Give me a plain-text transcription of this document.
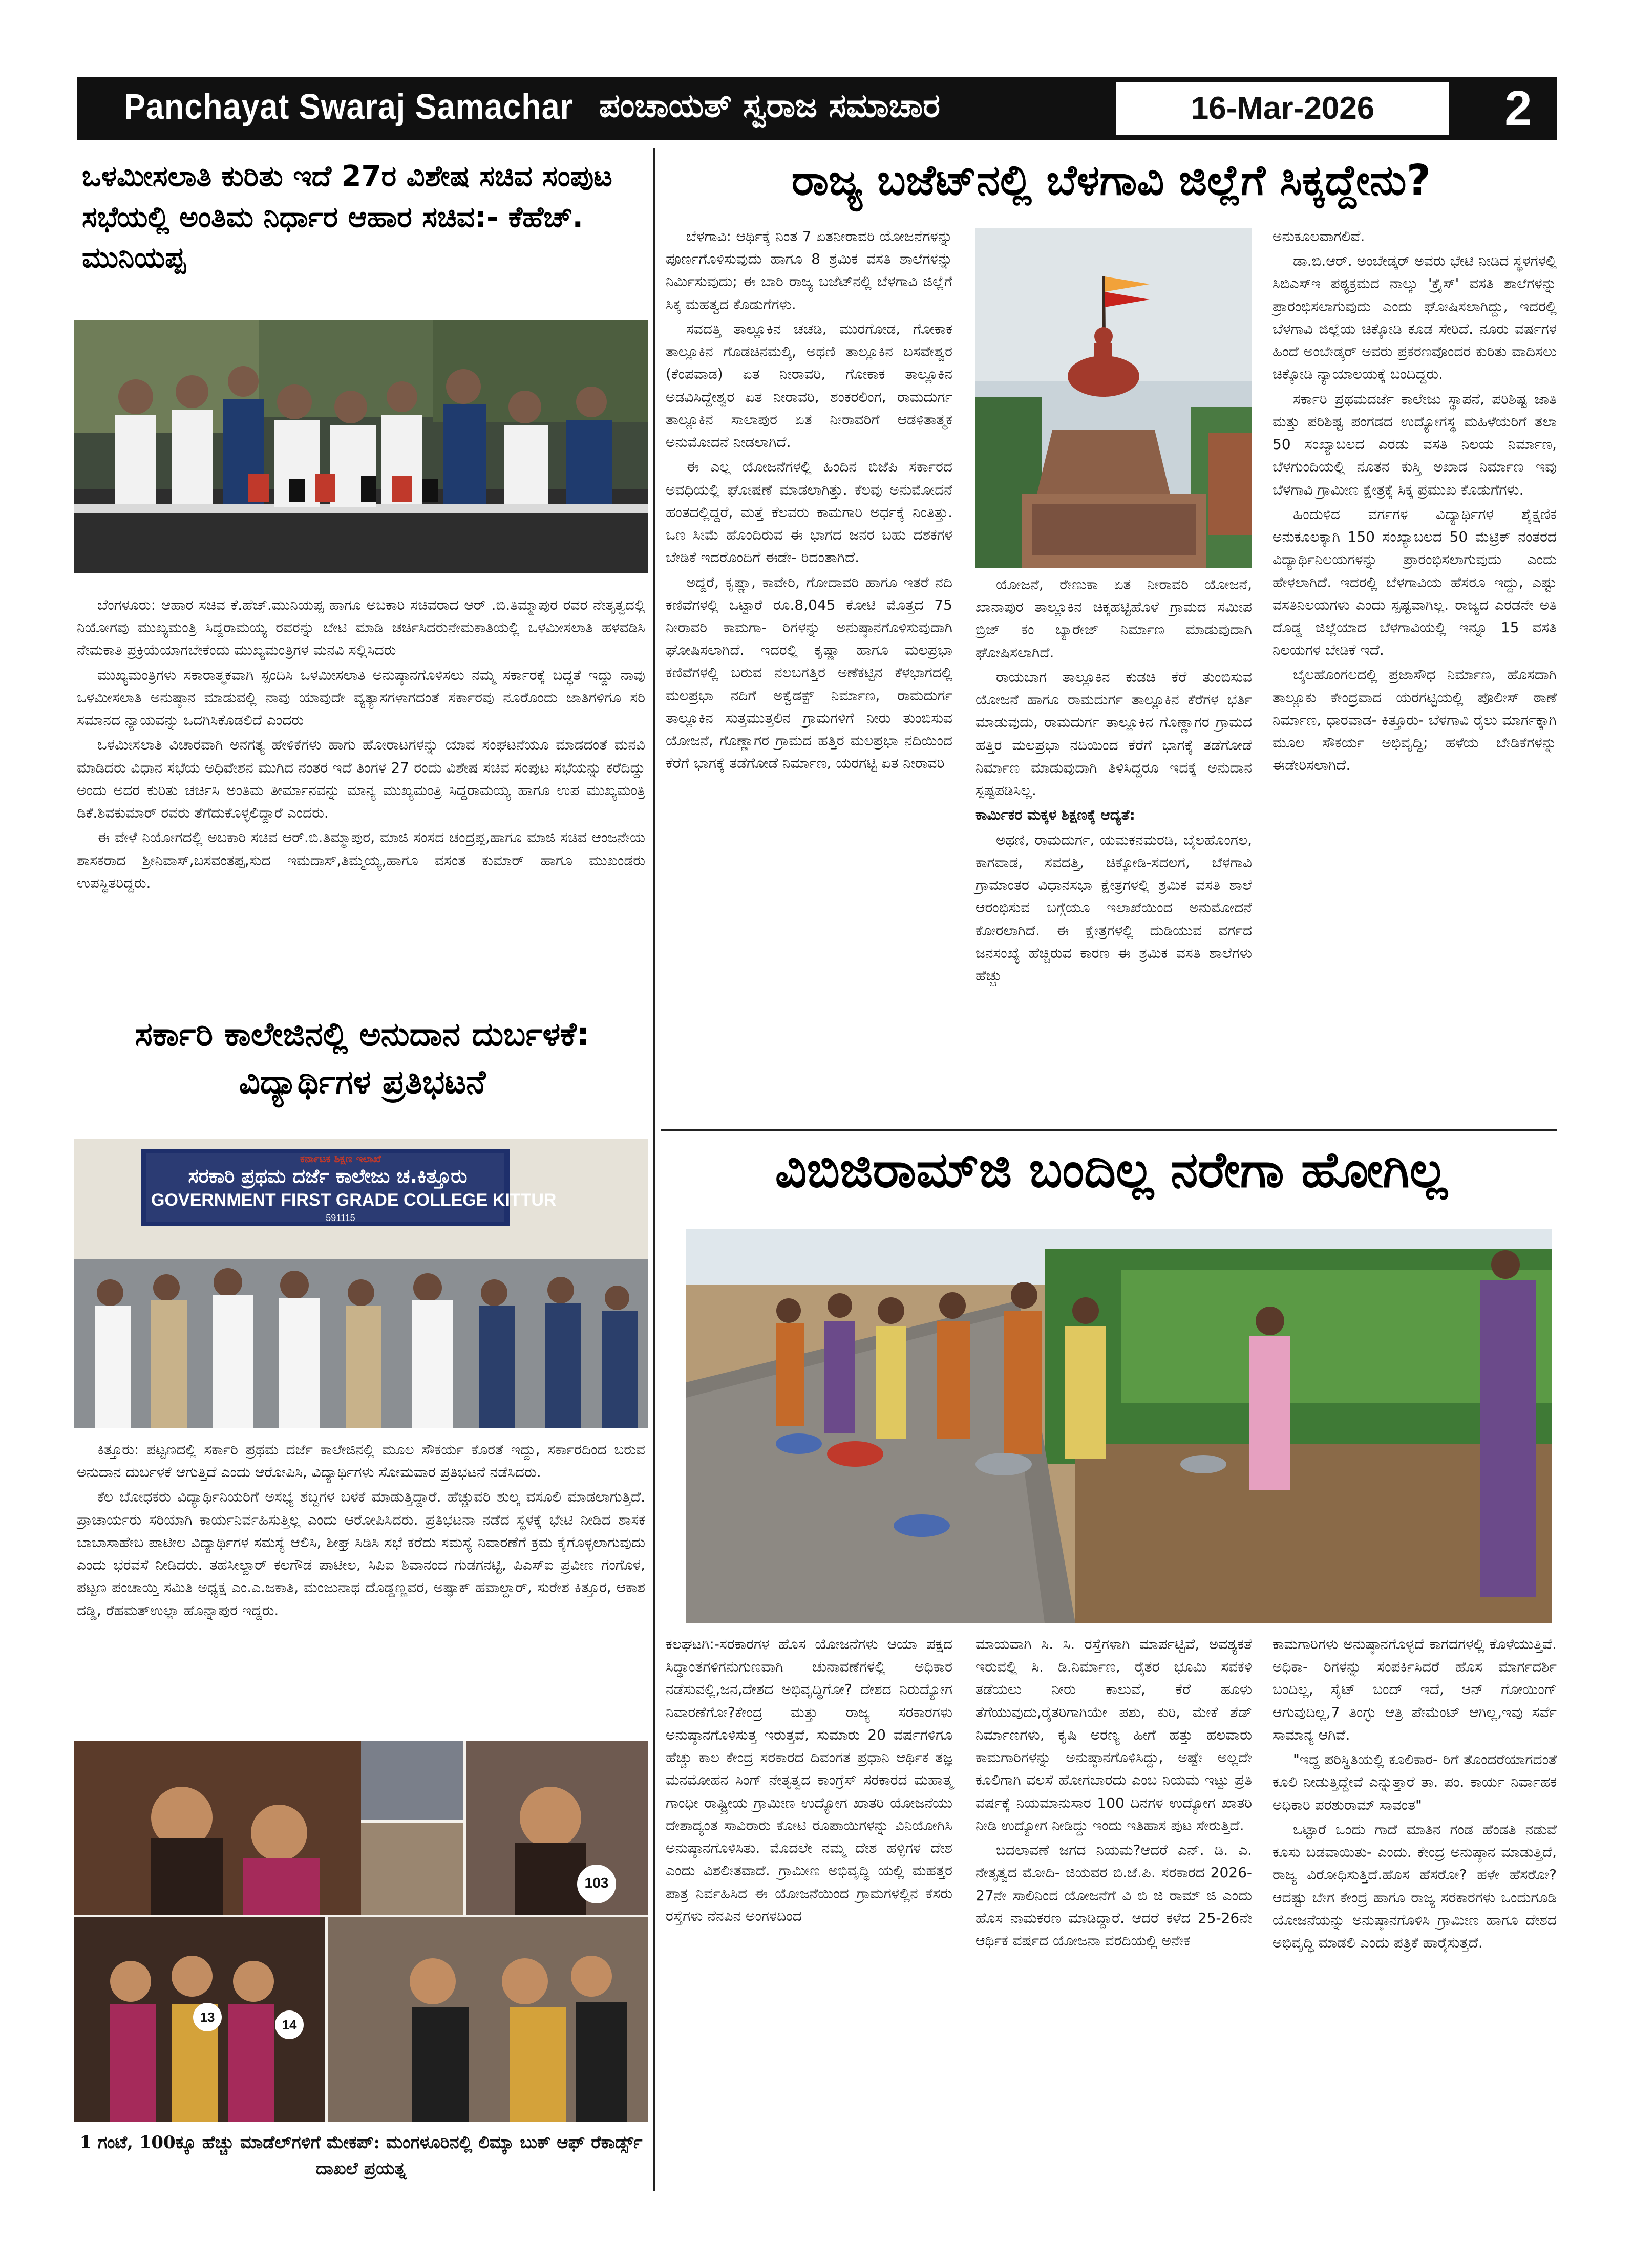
Panchayat Swaraj Samachar ಪಂಚಾಯತ್ ಸ್ವರಾಜ ಸಮಾಚಾರ	16-Mar-2026	2
ಒಳಮೀಸಲಾತಿ ಕುರಿತು ಇದೆ 27ರ ವಿಶೇಷ ಸಚಿವ ಸಂಪುಟ ಸಭೆಯಲ್ಲಿ ಅಂತಿಮ ನಿರ್ಧಾರ ಆಹಾರ ಸಚಿವ:- ಕೆಹೆಚ್. ಮುನಿಯಪ್ಪ

ಬೆಂಗಳೂರು: ಆಹಾರ ಸಚಿವ ಕೆ.ಹೆಚ್.ಮುನಿಯಪ್ಪ ಹಾಗೂ ಅಬಕಾರಿ ಸಚಿವರಾದ ಆರ್ .ಬಿ.ತಿಮ್ಮಾಪುರ ರವರ ನೇತೃತ್ವದಲ್ಲಿ ನಿಯೋಗವು ಮುಖ್ಯಮಂತ್ರಿ ಸಿದ್ದರಾಮಯ್ಯ ರವರನ್ನು ಬೇಟಿ ಮಾಡಿ ಚರ್ಚಿಸಿದರುನೇಮಕಾತಿಯಲ್ಲಿ ಒಳಮೀಸಲಾತಿ ಹಳವಡಿಸಿ ನೇಮಕಾತಿ ಪ್ರಕ್ರಿಯೆಯಾಗಬೇಕೆಂದು ಮುಖ್ಯಮಂತ್ರಿಗಳ ಮನವಿ ಸಲ್ಲಿಸಿದರು

ಮುಖ್ಯಮಂತ್ರಿಗಳು ಸಕಾರಾತ್ಮಕವಾಗಿ ಸ್ಪಂದಿಸಿ ಒಳಮೀಸಲಾತಿ ಅನುಷ್ಠಾನಗೊಳಿಸಲು ನಮ್ಮ ಸರ್ಕಾರಕ್ಕೆ ಬದ್ಧತೆ ಇದ್ದು ನಾವು ಒಳಮೀಸಲಾತಿ ಅನುಷ್ಠಾನ ಮಾಡುವಲ್ಲಿ ನಾವು ಯಾವುದೇ ವ್ಯತ್ಯಾಸಗಳಾಗದಂತೆ ಸರ್ಕಾರವು ನೂರೊಂದು ಜಾತಿಗಳಿಗೂ ಸರಿ ಸಮಾನದ ನ್ಯಾಯವನ್ನು ಒದಗಿಸಿಕೊಡಲಿದೆ ಎಂದರು

ಒಳಮೀಸಲಾತಿ ವಿಚಾರವಾಗಿ ಅನಗತ್ಯ ಹೇಳಿಕೆಗಳು ಹಾಗು ಹೋರಾಟಗಳನ್ನು ಯಾವ ಸಂಘಟನೆಯೂ ಮಾಡದಂತೆ ಮನವಿ ಮಾಡಿದರು ವಿಧಾನ ಸಭೆಯ ಅಧಿವೇಶನ ಮುಗಿದ ನಂತರ ಇದೆ ತಿಂಗಳ 27 ರಂದು ವಿಶೇಷ ಸಚಿವ ಸಂಪುಟ ಸಭೆಯನ್ನು ಕರೆದಿದ್ದು ಅಂದು ಅದರ ಕುರಿತು ಚರ್ಚಿಸಿ ಅಂತಿಮ ತೀರ್ಮಾನವನ್ನು ಮಾನ್ಯ ಮುಖ್ಯಮಂತ್ರಿ ಸಿದ್ದರಾಮಯ್ಯ ಹಾಗೂ ಉಪ ಮುಖ್ಯಮಂತ್ರಿ ಡಿಕೆ.ಶಿವಕುಮಾರ್ ರವರು ತೆಗೆದುಕೊಳ್ಳಲಿದ್ದಾರೆ ಎಂದರು.

ಈ ವೇಳೆ ನಿಯೋಗದಲ್ಲಿ ಅಬಕಾರಿ ಸಚಿವ ಆರ್.ಬಿ.ತಿಮ್ಮಾಪುರ, ಮಾಜಿ ಸಂಸದ ಚಂದ್ರಪ್ಪ,ಹಾಗೂ ಮಾಜಿ ಸಚಿವ ಆಂಜನೇಯ ಶಾಸಕರಾದ ಶ್ರೀನಿವಾಸ್,ಬಸವಂತಪ್ಪ,ಸುದ ಇಮದಾಸ್,ತಿಮ್ಮಯ್ಯ,ಹಾಗೂ ವಸಂತ ಕುಮಾರ್ ಹಾಗೂ ಮುಖಂಡರು ಉಪಸ್ಥಿತರಿದ್ದರು.

ಸರ್ಕಾರಿ ಕಾಲೇಜಿನಲ್ಲಿ ಅನುದಾನ ದುರ್ಬಳಕೆ: ವಿದ್ಯಾರ್ಥಿಗಳ ಪ್ರತಿಭಟನೆ
ಕರ್ನಾಟಕ ಶಿಕ್ಷಣ ಇಲಾಖೆ
ಸರಕಾರಿ ಪ್ರಥಮ ದರ್ಜೆ ಕಾಲೇಜು ಚ.ಕಿತ್ತೂರು
GOVERNMENT FIRST GRADE COLLEGE KITTUR
591115

ಕಿತ್ತೂರು: ಪಟ್ಟಣದಲ್ಲಿ ಸರ್ಕಾರಿ ಪ್ರಥಮ ದರ್ಜೆ ಕಾಲೇಜಿನಲ್ಲಿ ಮೂಲ ಸೌಕರ್ಯ ಕೊರತೆ ಇದ್ದು, ಸರ್ಕಾರದಿಂದ ಬರುವ ಅನುದಾನ ದುರ್ಬಳಕೆ ಆಗುತ್ತಿದೆ ಎಂದು ಆರೋಪಿಸಿ, ವಿದ್ಯಾರ್ಥಿಗಳು ಸೋಮವಾರ ಪ್ರತಿಭಟನೆ ನಡೆಸಿದರು.

ಕೆಲ ಬೋಧಕರು ವಿದ್ಯಾರ್ಥಿನಿಯರಿಗೆ ಅಸಭ್ಯ ಶಬ್ದಗಳ ಬಳಕೆ ಮಾಡುತ್ತಿದ್ದಾರೆ. ಹೆಚ್ಚುವರಿ ಶುಲ್ಕ ವಸೂಲಿ ಮಾಡಲಾಗುತ್ತಿದೆ. ಪ್ರಾಚಾರ್ಯರು ಸರಿಯಾಗಿ ಕಾರ್ಯನಿರ್ವಹಿಸುತ್ತಿಲ್ಲ ಎಂದು ಆರೋಪಿಸಿದರು. ಪ್ರತಿಭಟನಾ ನಡೆದ ಸ್ಥಳಕ್ಕೆ ಭೇಟಿ ನೀಡಿದ ಶಾಸಕ ಬಾಬಾಸಾಹೇಬ ಪಾಟೀಲ ವಿದ್ಯಾರ್ಥಿಗಳ ಸಮಸ್ಯೆ ಆಲಿಸಿ, ಶೀಘ್ರ ಸಿಡಿಸಿ ಸಭೆ ಕರೆದು ಸಮಸ್ಯೆ ನಿವಾರಣೆಗೆ ಕ್ರಮ ಕೈಗೊಳ್ಳಲಾಗುವುದು ಎಂದು ಭರವಸೆ ನೀಡಿದರು. ತಹಸೀಲ್ದಾರ್ ಕಲಗೌಡ ಪಾಟೀಲ, ಸಿಪಿಐ ಶಿವಾನಂದ ಗುಡಗನಟ್ಟಿ, ಪಿಎಸ್ಐ ಪ್ರವೀಣ ಗಂಗೊಳ, ಪಟ್ಟಣ ಪಂಚಾಯ್ತಿ ಸಮಿತಿ ಅಧ್ಯಕ್ಷ ಎಂ.ಎ.ಜಕಾತಿ, ಮಂಜುನಾಥ ದೊಡ್ಡಣ್ಣವರ, ಅಷ್ಫಾಕ್ ಹವಾಲ್ದಾರ್, ಸುರೇಶ ಕಿತ್ತೂರ, ಆಕಾಶ ದಡ್ಡಿ, ರೆಹಮತ್‌ಉಲ್ಲಾ ಹೊನ್ನಾಪುರ ಇದ್ದರು.

103
13	14
1 ಗಂಟೆ, 100ಕ್ಕೂ ಹೆಚ್ಚು ಮಾಡೆಲ್‌ಗಳಿಗೆ ಮೇಕಪ್: ಮಂಗಳೂರಿನಲ್ಲಿ ಲಿಮ್ಕಾ ಬುಕ್ ಆಫ್ ರೆಕಾರ್ಡ್ಸ್ ದಾಖಲೆ ಪ್ರಯತ್ನ
ರಾಜ್ಯ ಬಜೆಟ್‌ನಲ್ಲಿ ಬೆಳಗಾವಿ ಜಿಲ್ಲೆಗೆ ಸಿಕ್ಕದ್ದೇನು?

ಬೆಳಗಾವಿ: ಆರ್ಥಿಕ್ಕೆ ನಿಂತ 7 ಏತನೀರಾವರಿ ಯೋಜನೆಗಳನ್ನು ಪೂರ್ಣಗೊಳಿಸುವುದು ಹಾಗೂ 8 ಶ್ರಮಿಕ ವಸತಿ ಶಾಲೆಗಳನ್ನು ನಿರ್ಮಿಸುವುದು; ಈ ಬಾರಿ ರಾಜ್ಯ ಬಜೆಟ್‌ನಲ್ಲಿ ಬೆಳಗಾವಿ ಜಿಲ್ಲೆಗೆ ಸಿಕ್ಕ ಮಹತ್ವದ ಕೊಡುಗೆಗಳು.

ಸವದತ್ತಿ ತಾಲ್ಲೂಕಿನ ಚಚಡಿ, ಮುರಗೋಡ, ಗೋಕಾಕ ತಾಲ್ಲೂಕಿನ ಗೊಡಚಿನಮಲ್ಕಿ, ಅಥಣಿ ತಾಲ್ಲೂಕಿನ ಬಸವೇಶ್ವರ (ಕೆಂಪವಾಡ) ಏತ ನೀರಾವರಿ, ಗೋಕಾಕ ತಾಲ್ಲೂಕಿನ ಅಡವಿಸಿದ್ದೇಶ್ವರ ಏತ ನೀರಾವರಿ, ಶಂಕರಲಿಂಗ, ರಾಮದುರ್ಗ ತಾಲ್ಲೂಕಿನ ಸಾಲಾಪುರ ಏತ ನೀರಾವರಿಗೆ ಆಡಳಿತಾತ್ಮಕ ಅನುಮೋದನೆ ನೀಡಲಾಗಿದೆ.

ಈ ಎಲ್ಲ ಯೋಜನೆಗಳಲ್ಲಿ ಹಿಂದಿನ ಬಿಜೆಪಿ ಸರ್ಕಾರದ ಅವಧಿಯಲ್ಲಿ ಘೋಷಣೆ ಮಾಡಲಾಗಿತ್ತು. ಕೆಲವು ಅನುಮೋದನೆ ಹಂತದಲ್ಲಿದ್ದರೆ, ಮತ್ತೆ ಕೆಲವರು ಕಾಮಗಾರಿ ಅರ್ಧಕ್ಕೆ ನಿಂತಿತ್ತು. ಒಣ ಸೀಮೆ ಹೊಂದಿರುವ ಈ ಭಾಗದ ಜನರ ಬಹು ದಶಕಗಳ ಬೇಡಿಕೆ ಇದರೊಂದಿಗೆ ಈಡೇ- ರಿದಂತಾಗಿದೆ.

ಅದ್ದರೆ, ಕೃಷ್ಣಾ, ಕಾವೇರಿ, ಗೋದಾವರಿ ಹಾಗೂ ಇತರೆ ನದಿ ಕಣಿವೆಗಳಲ್ಲಿ ಒಟ್ಟಾರೆ ರೂ.8,045 ಕೋಟಿ ಮೊತ್ತದ 75 ನೀರಾವರಿ ಕಾಮಗಾ- ರಿಗಳನ್ನು ಅನುಷ್ಠಾನಗೊಳಿಸುವುದಾಗಿ ಘೋಷಿಸಲಾಗಿದೆ. ಇದರಲ್ಲಿ ಕೃಷ್ಣಾ ಹಾಗೂ ಮಲಪ್ರಭಾ ಕಣಿವೆಗಳಲ್ಲಿ ಬರುವ ನಲಬಗತ್ತಿರ ಅಣೆಕಟ್ಟಿನ ಕೆಳಭಾಗದಲ್ಲಿ ಮಲಪ್ರಭಾ ನದಿಗೆ ಅಕ್ವೆಡಕ್ಟ್ ನಿರ್ಮಾಣ, ರಾಮದುರ್ಗ ತಾಲ್ಲೂಕಿನ ಸುತ್ತಮುತ್ತಲಿನ ಗ್ರಾಮಗಳಿಗೆ ನೀರು ತುಂಬಿಸುವ ಯೋಜನೆ, ಗೊಣ್ಣಾಗರ ಗ್ರಾಮದ ಹತ್ತಿರ ಮಲಪ್ರಭಾ ನದಿಯಿಂದ ಕೆರೆಗೆ ಭಾಗಕ್ಕೆ ತಡೆಗೋಡೆ ನಿರ್ಮಾಣ, ಯರಗಟ್ಟಿ ಏತ ನೀರಾವರಿ

ಯೋಜನೆ, ರೇಣುಕಾ ಏತ ನೀರಾವರಿ ಯೋಜನೆ, ಖಾನಾಪುರ ತಾಲ್ಲೂಕಿನ ಚಿಕ್ಕಹಟ್ಟಿಹೊಳೆ ಗ್ರಾಮದ ಸಮೀಪ ಬ್ರಿಜ್ ಕಂ ಬ್ಯಾರೇಜ್ ನಿರ್ಮಾಣ ಮಾಡುವುದಾಗಿ ಘೋಷಿಸಲಾಗಿದೆ.

ರಾಯಬಾಗ ತಾಲ್ಲೂಕಿನ ಕುಡಚಿ ಕೆರೆ ತುಂಬಿಸುವ ಯೋಜನೆ ಹಾಗೂ ರಾಮದುರ್ಗ ತಾಲ್ಲೂಕಿನ ಕೆರೆಗಳ ಭರ್ತಿ ಮಾಡುವುದು, ರಾಮದುರ್ಗ ತಾಲ್ಲೂಕಿನ ಗೊಣ್ಣಾಗರ ಗ್ರಾಮದ ಹತ್ತಿರ ಮಲಪ್ರಭಾ ನದಿಯಿಂದ ಕೆರೆಗೆ ಭಾಗಕ್ಕೆ ತಡೆಗೋಡೆ ನಿರ್ಮಾಣ ಮಾಡುವುದಾಗಿ ತಿಳಿಸಿದ್ದರೂ ಇದಕ್ಕೆ ಅನುದಾನ ಸ್ಪಷ್ಟಪಡಿಸಿಲ್ಲ.

ಕಾರ್ಮಿಕರ ಮಕ್ಕಳ ಶಿಕ್ಷಣಕ್ಕೆ ಆದ್ಯತೆ:

ಅಥಣಿ, ರಾಮದುರ್ಗ, ಯಮಕನಮರಡಿ, ಬೈಲಹೊಂಗಲ, ಕಾಗವಾಡ, ಸವದತ್ತಿ, ಚಿಕ್ಕೋಡಿ-ಸದಲಗ, ಬೆಳಗಾವಿ ಗ್ರಾಮಾಂತರ ವಿಧಾನಸಭಾ ಕ್ಷೇತ್ರಗಳಲ್ಲಿ ಶ್ರಮಿಕ ವಸತಿ ಶಾಲೆ ಆರಂಭಿಸುವ ಬಗ್ಗೆಯೂ ಇಲಾಖೆಯಿಂದ ಅನುಮೋದನೆ ಕೋರಲಾಗಿದೆ. ಈ ಕ್ಷೇತ್ರಗಳಲ್ಲಿ ದುಡಿಯುವ ವರ್ಗದ ಜನಸಂಖ್ಯೆ ಹೆಚ್ಚಿರುವ ಕಾರಣ ಈ ಶ್ರಮಿಕ ವಸತಿ ಶಾಲೆಗಳು ಹೆಚ್ಚು

ಅನುಕೂಲವಾಗಲಿವೆ.

ಡಾ.ಬಿ.ಆರ್. ಅಂಬೇಡ್ಕರ್ ಅವರು ಭೇಟಿ ನೀಡಿದ ಸ್ಥಳಗಳಲ್ಲಿ ಸಿಬಿಎಸ್‌ಇ ಪಠ್ಯಕ್ರಮದ ನಾಲ್ಕು 'ಕ್ರೈಸ್' ವಸತಿ ಶಾಲೆಗಳನ್ನು ಪ್ರಾರಂಭಿಸಲಾಗುವುದು ಎಂದು ಘೋಷಿಸಲಾಗಿದ್ದು, ಇದರಲ್ಲಿ ಬೆಳಗಾವಿ ಜಿಲ್ಲೆಯ ಚಿಕ್ಕೋಡಿ ಕೂಡ ಸೇರಿದೆ. ನೂರು ವರ್ಷಗಳ ಹಿಂದೆ ಅಂಬೇಡ್ಕರ್ ಅವರು ಪ್ರಕರಣವೊಂದರ ಕುರಿತು ವಾದಿಸಲು ಚಿಕ್ಕೋಡಿ ನ್ಯಾಯಾಲಯಕ್ಕೆ ಬಂದಿದ್ದರು.

ಸರ್ಕಾರಿ ಪ್ರಥಮದರ್ಜೆ ಕಾಲೇಜು ಸ್ಥಾಪನೆ, ಪರಿಶಿಷ್ಟ ಜಾತಿ ಮತ್ತು ಪರಿಶಿಷ್ಟ ಪಂಗಡದ ಉದ್ಯೋಗಸ್ಥ ಮಹಿಳೆಯರಿಗೆ ತಲಾ 50 ಸಂಖ್ಯಾಬಲದ ಎರಡು ವಸತಿ ನಿಲಯ ನಿರ್ಮಾಣ, ಬೆಳಗುಂದಿಯಲ್ಲಿ ನೂತನ ಕುಸ್ತಿ ಅಖಾಡ ನಿರ್ಮಾಣ ಇವು ಬೆಳಗಾವಿ ಗ್ರಾಮೀಣ ಕ್ಷೇತ್ರಕ್ಕೆ ಸಿಕ್ಕ ಪ್ರಮುಖ ಕೊಡುಗೆಗಳು.

ಹಿಂದುಳಿದ ವರ್ಗಗಳ ವಿದ್ಯಾರ್ಥಿಗಳ ಶೈಕ್ಷಣಿಕ ಅನುಕೂಲಕ್ಕಾಗಿ 150 ಸಂಖ್ಯಾಬಲದ 50 ಮೆಟ್ರಿಕ್ ನಂತರದ ವಿದ್ಯಾರ್ಥಿನಿಲಯಗಳನ್ನು ಪ್ರಾರಂಭಿಸಲಾಗುವುದು ಎಂದು ಹೇಳಲಾಗಿದೆ. ಇದರಲ್ಲಿ ಬೆಳಗಾವಿಯ ಹೆಸರೂ ಇದ್ದು, ಎಷ್ಟು ವಸತಿನಿಲಯಗಳು ಎಂದು ಸ್ಪಷ್ಟವಾಗಿಲ್ಲ. ರಾಜ್ಯದ ಎರಡನೇ ಅತಿ ದೊಡ್ಡ ಜಿಲ್ಲೆಯಾದ ಬೆಳಗಾವಿಯಲ್ಲಿ ಇನ್ನೂ 15 ವಸತಿ ನಿಲಯಗಳ ಬೇಡಿಕೆ ಇದೆ.

ಬೈಲಹೊಂಗಲದಲ್ಲಿ ಪ್ರಜಾಸೌಧ ನಿರ್ಮಾಣ, ಹೊಸದಾಗಿ ತಾಲ್ಲೂಕು ಕೇಂದ್ರವಾದ ಯರಗಟ್ಟಿಯಲ್ಲಿ ಪೊಲೀಸ್ ಠಾಣೆ ನಿರ್ಮಾಣ, ಧಾರವಾಡ- ಕಿತ್ತೂರು- ಬೆಳಗಾವಿ ರೈಲು ಮಾರ್ಗಕ್ಕಾಗಿ ಮೂಲ ಸೌಕರ್ಯ ಅಭಿವೃದ್ಧಿ; ಹಳೆಯ ಬೇಡಿಕೆಗಳನ್ನು ಈಡೇರಿಸಲಾಗಿದೆ.

ವಿಬಿಜಿರಾಮ್‌ಜಿ ಬಂದಿಲ್ಲ ನರೇಗಾ ಹೋಗಿಲ್ಲ

ಕಲಘಟಗಿ:-ಸರಕಾರಗಳ ಹೊಸ ಯೋಜನೆಗಳು ಆಯಾ ಪಕ್ಷದ ಸಿದ್ಧಾಂತಗಳಿಗನುಗುಣವಾಗಿ ಚುನಾವಣೆಗಳಲ್ಲಿ ಅಧಿಕಾರ ನಡೆಸುವಲ್ಲಿ,ಜನ,ದೇಶದ ಅಭಿವೃದ್ಧಿಗೋ? ದೇಶದ ನಿರುದ್ಯೋಗ ನಿವಾರಣೆಗೋ?ಕೇಂದ್ರ ಮತ್ತು ರಾಜ್ಯ ಸರಕಾರಗಳು ಅನುಷ್ಠಾನಗೊಳಿಸುತ್ತ ಇರುತ್ತವೆ, ಸುಮಾರು 20 ವರ್ಷಗಳಿಗೂ ಹೆಚ್ಚು ಕಾಲ ಕೇಂದ್ರ ಸರಕಾರದ ದಿವಂಗತ ಪ್ರಧಾನಿ ಆರ್ಥಿಕ ತಜ್ಞ ಮನಮೋಹನ ಸಿಂಗ್ ನೇತೃತ್ವದ ಕಾಂಗ್ರೆಸ್ ಸರಕಾರದ ಮಹಾತ್ಮ ಗಾಂಧೀ ರಾಷ್ಟ್ರೀಯ ಗ್ರಾಮೀಣ ಉದ್ಯೋಗ ಖಾತರಿ ಯೋಜನೆಯು ದೇಶಾದ್ಯಂತ ಸಾವಿರಾರು ಕೋಟಿ ರೂಪಾಯಿಗಳನ್ನು ವಿನಿಯೋಗಿಸಿ ಅನುಷ್ಠಾನಗೊಳಿಸಿತು. ಮೊದಲೇ ನಮ್ಮ ದೇಶ ಹಳ್ಳಿಗಳ ದೇಶ ಎಂದು ವಿಶಲೀತವಾದೆ. ಗ್ರಾಮೀಣ ಅಭಿವೃದ್ಧಿ ಯಲ್ಲಿ ಮಹತ್ತರ ಪಾತ್ರ ನಿರ್ವಹಿಸಿದ ಈ ಯೋಜನೆಯಿಂದ ಗ್ರಾಮಗಳಲ್ಲಿನ ಕೆಸರು ರಸ್ತೆಗಳು ನೆನಪಿನ ಅಂಗಳದಿಂದ

ಮಾಯವಾಗಿ ಸಿ. ಸಿ. ರಸ್ತೆಗಳಾಗಿ ಮಾರ್ಪಟ್ಟಿವೆ, ಅವಶ್ಯಕತೆ ಇರುವಲ್ಲಿ ಸಿ. ಡಿ.ನಿರ್ಮಾಣ, ರೈತರ ಭೂಮಿ ಸವಕಳಿ ತಡೆಯಲು ನೀರು ಕಾಲುವೆ, ಕೆರೆ ಹೂಳು ತೆಗೆಯುವುದು,ರೈತರಿಗಾಗಿಯೇ ಪಶು, ಕುರಿ, ಮೇಕೆ ಶೆಡ್ ನಿರ್ಮಾಣಗಳು, ಕೃಷಿ ಅರಣ್ಯ ಹೀಗೆ ಹತ್ತು ಹಲವಾರು ಕಾಮಗಾರಿಗಳನ್ನು ಅನುಷ್ಠಾನಗೊಳಿಸಿದ್ದು, ಅಷ್ಟೇ ಅಲ್ಲದೇ ಕೂಲಿಗಾಗಿ ವಲಸೆ ಹೋಗಬಾರದು ಎಂಬ ನಿಯಮ ಇಟ್ಟು ಪ್ರತಿ ವರ್ಷಕ್ಕೆ ನಿಯಮಾನುಸಾರ 100 ದಿನಗಳ ಉದ್ಯೋಗ ಖಾತರಿ ನೀಡಿ ಉದ್ಯೋಗ ನೀಡಿದ್ದು ಇಂದು ಇತಿಹಾಸ ಪುಟ ಸೇರುತ್ತಿದೆ.

ಬದಲಾವಣೆ ಜಗದ ನಿಯಮ?ಆದರೆ ಎನ್. ಡಿ. ಎ. ನೇತೃತ್ವದ ಮೋದಿ- ಜಿಯವರ ಬಿ.ಜೆ.ಪಿ. ಸರಕಾರದ 2026-27ನೇ ಸಾಲಿನಿಂದ ಯೋಜನೆಗೆ ವಿ ಬಿ ಜಿ ರಾಮ್ ಜಿ ಎಂದು ಹೊಸ ನಾಮಕರಣ ಮಾಡಿದ್ದಾರೆ. ಆದರೆ ಕಳೆದ 25-26ನೇ ಆರ್ಥಿಕ ವರ್ಷದ ಯೋಜನಾ ವರದಿಯಲ್ಲಿ ಅನೇಕ

ಕಾಮಗಾರಿಗಳು ಅನುಷ್ಠಾನಗೊಳ್ಳದೆ ಕಾಗದಗಳಲ್ಲಿ ಕೊಳೆಯುತ್ತಿವೆ. ಅಧಿಕಾ- ರಿಗಳನ್ನು ಸಂಪರ್ಕಿಸಿದರೆ ಹೊಸ ಮಾರ್ಗದರ್ಶಿ ಬಂದಿಲ್ಲ, ಸೈಟ್ ಬಂದ್ ಇದೆ, ಆನ್ ಗೋಯಿಂಗ್ ಆಗುವುದಿಲ್ಲ,7 ತಿಂಗ್ಳು ಆತ್ರಿ ಪೇಮೆಂಟ್ ಆಗಿಲ್ಲ,ಇವು ಸರ್ವೆ ಸಾಮಾನ್ಯ ಆಗಿವೆ.

"ಇದ್ದ ಪರಿಸ್ಥಿತಿಯಲ್ಲಿ ಕೂಲಿಕಾರ- ರಿಗೆ ತೊಂದರೆಯಾಗದಂತೆ ಕೂಲಿ ನೀಡುತ್ತಿದ್ದೇವೆ ಎನ್ನುತ್ತಾರೆ ತಾ. ಪಂ. ಕಾರ್ಯ ನಿರ್ವಾಹಕ ಅಧಿಕಾರಿ ಪರಶುರಾಮ್ ಸಾವಂತ"

ಒಟ್ಟಾರೆ ಒಂದು ಗಾದೆ ಮಾತಿನ ಗಂಡ ಹೆಂಡತಿ ನಡುವೆ ಕೂಸು ಬಡವಾಯಿತು- ಎಂದು. ಕೇಂದ್ರ ಅನುಷ್ಠಾನ ಮಾಡುತ್ತಿದೆ, ರಾಜ್ಯ ವಿರೋಧಿಸುತ್ತಿದೆ.ಹೊಸ ಹೆಸರೋ? ಹಳೇ ಹೆಸರೋ? ಆದಷ್ಟು ಬೇಗ ಕೇಂದ್ರ ಹಾಗೂ ರಾಜ್ಯ ಸರಕಾರಗಳು ಒಂದುಗೂಡಿ ಯೋಜನೆಯನ್ನು ಅನುಷ್ಠಾನಗೊಳಿಸಿ ಗ್ರಾಮೀಣ ಹಾಗೂ ದೇಶದ ಅಭಿವೃದ್ಧಿ ಮಾಡಲಿ ಎಂದು ಪತ್ರಿಕೆ ಹಾರೈಸುತ್ತದೆ.
